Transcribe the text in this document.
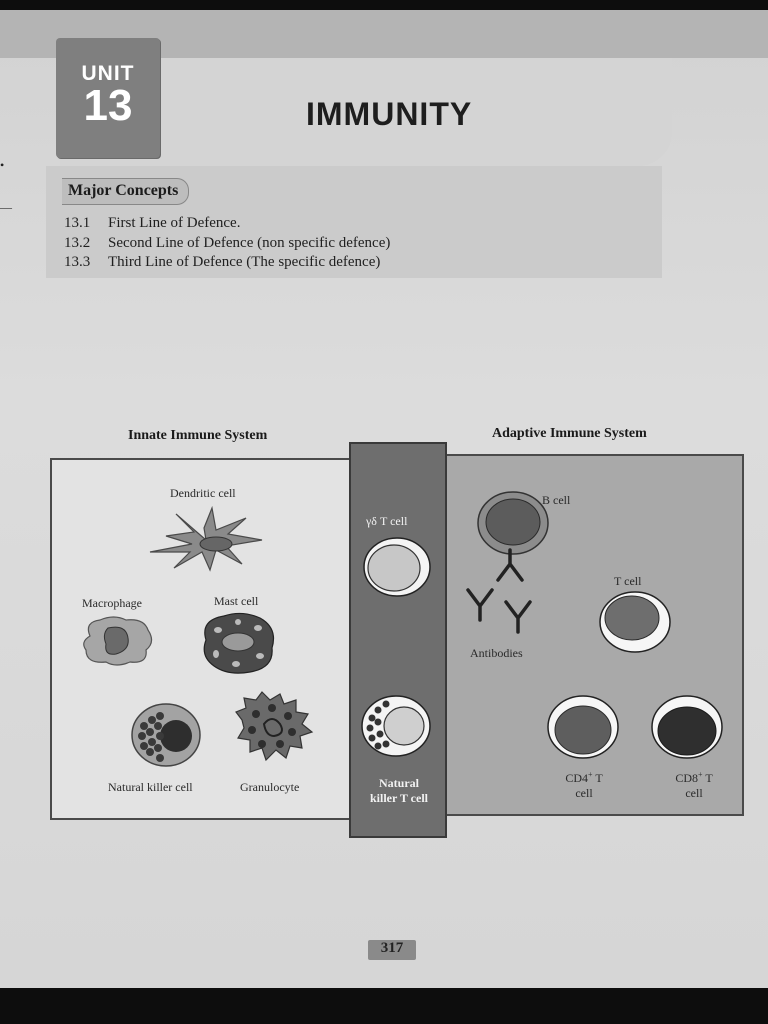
UNIT
13	IMMUNITY
Major Concepts
13.1 First Line of Defence.
13.2 Second Line of Defence (non specific defence)
13.3 Third Line of Defence (The specific defence)
•
—
Innate Immune System	Adaptive Immune System
Dendritic cell
Macrophage	Mast cell
Natural killer cell	Granulocyte
γδ T cell
Natural
killer T cell
B cell
Antibodies
T cell
CD4+ T
cell
CD8+ T
cell
317
